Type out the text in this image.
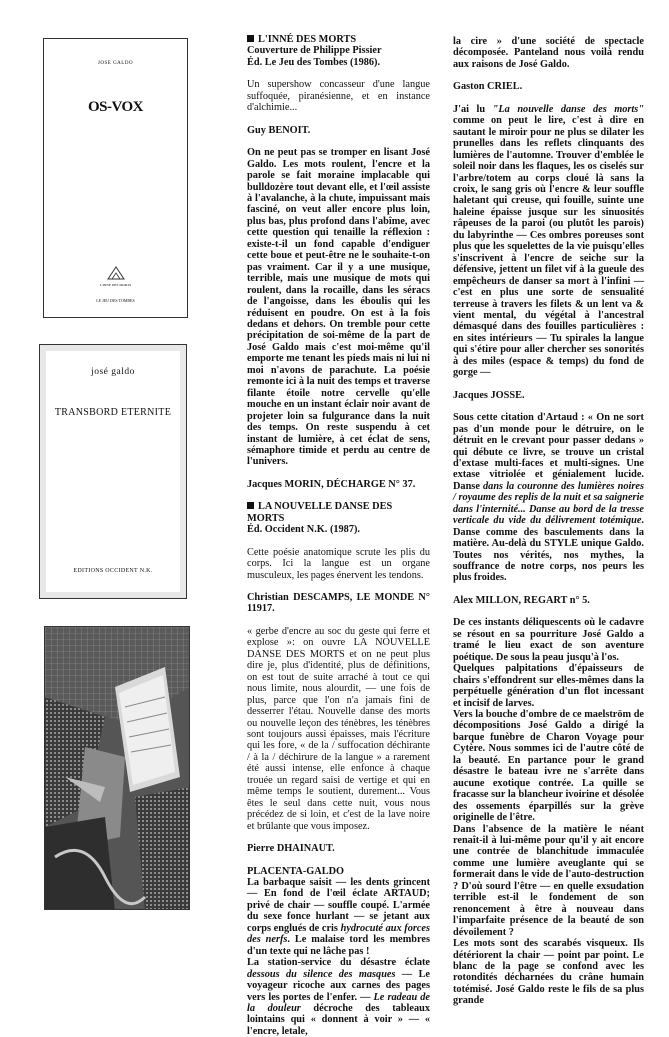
JOSE GALDO
OS-VOX
L'INNÉ DES MORTS
LE JEU DES TOMBES
josé galdo
TRANSBORD ETERNITE
EDITIONS OCCIDENT N.K.
L'INNÉ DES MORTS
Couverture de Philippe Pissier
Éd. Le Jeu des Tombes (1986).

Un supershow concasseur d'une langue suffoquée, piranésienne, et en instance d'alchimie...

Guy BENOIT.

On ne peut pas se tromper en lisant José Galdo. Les mots roulent, l'encre et la parole se fait moraine implacable qui bulldozère tout devant elle, et l'œil assiste à l'avalanche, à la chute, impuissant mais fasciné, on veut aller encore plus loin, plus bas, plus profond dans l'abîme, avec cette question qui tenaille la réflexion : existe-t-il un fond capable d'endiguer cette boue et peut-être ne le souhaite-t-on pas vraiment. Car il y a une musique, terrible, mais une musique de mots qui roulent, dans la rocaille, dans les séracs de l'angoisse, dans les éboulis qui les réduisent en poudre. On est à la fois dedans et dehors. On tremble pour cette précipitation de soi-même de la part de José Galdo mais c'est moi-même qu'il emporte me tenant les pieds mais ni lui ni moi n'avons de parachute. La poésie remonte ici à la nuit des temps et traverse filante étoile notre cervelle qu'elle mouche en un instant éclair noir avant de projeter loin sa fulgurance dans la nuit des temps. On reste suspendu à cet instant de lumière, à cet éclat de sens, sémaphore timide et perdu au centre de l'univers.

Jacques MORIN, DÉCHARGE N° 37.

LA NOUVELLE DANSE DES MORTS
Éd. Occident N.K. (1987).

Cette poésie anatomique scrute les plis du corps. Ici la langue est un organe musculeux, les pages énervent les tendons.

Christian DESCAMPS, LE MONDE N° 11917.

« gerbe d'encre au soc du geste qui ferre et explose »: on ouvre LA NOUVELLE DANSE DES MORTS et on ne peut plus dire je, plus d'identité, plus de définitions, on est tout de suite arraché à tout ce qui nous limite, nous alourdit, — une fois de plus, parce que l'on n'a jamais fini de desserrer l'étau. Nouvelle danse des morts ou nouvelle leçon des ténèbres, les ténèbres sont toujours aussi épaisses, mais l'écriture qui les fore, « de la / suffocation déchirante / à la / déchirure de la langue » a rarement été aussi intense, elle enfonce à chaque trouée un regard saisi de vertige et qui en même temps le soutient, durement... Vous êtes le seul dans cette nuit, vous nous précédez de si loin, et c'est de la lave noire et brûlante que vous imposez.

Pierre DHAINAUT.

PLACENTA-GALDO

La barbaque saisit — les dents grincent — En fond de l'œil éclate ARTAUD; privé de chair — souffle coupé. L'armée du sexe fonce hurlant — se jetant aux corps englués de cris hydrocuté aux forces des nerfs. Le malaise tord les membres d'un texte qui ne lâche pas !

La station-service du désastre éclate dessous du silence des masques — Le voyageur ricoche aux carnes des pages vers les portes de l'enfer. — Le radeau de la douleur décroche des tableaux lointains qui « donnent à voir » — « l'encre, letale,

la cire » d'une société de spectacle décomposée. Panteland nous voilà rendu aux raisons de José Galdo.

Gaston CRIEL.

J'ai lu "La nouvelle danse des morts" comme on peut le lire, c'est à dire en sautant le miroir pour ne plus se dilater les prunelles dans les reflets clinquants des lumières de l'automne. Trouver d'emblée le soleil noir dans les flaques, les os ciselés sur l'arbre/totem au corps cloué là sans la croix, le sang gris où l'encre & leur souffle haletant qui creuse, qui fouille, suinte une haleine épaisse jusque sur les sinuosités râpeuses de la paroi (ou plutôt les parois) du labyrinthe — Ces ombres poreuses sont plus que les squelettes de la vie puisqu'elles s'inscrivent à l'encre de seiche sur la défensive, jettent un filet vif à la gueule des empêcheurs de danser sa mort à l'infini — c'est en plus une sorte de sensualité terreuse à travers les filets & un lent va & vient mental, du végétal à l'ancestral démasqué dans des fouilles particulières : en sites intérieurs — Tu spirales la langue qui s'étire pour aller chercher ses sonorités à des miles (espace & temps) du fond de gorge —

Jacques JOSSE.

Sous cette citation d'Artaud : « On ne sort pas d'un monde pour le détruire, on le détruit en le crevant pour passer dedans » qui débute ce livre, se trouve un cristal d'extase multi-faces et multi-signes. Une extase vitriolée et génialement lucide. Danse dans la couronne des lumières noires / royaume des replis de la nuit et sa saignerie dans l'internité... Danse au bord de la tresse verticale du vide du délivrement totémique. Danse comme des basculements dans la matière. Au-delà du STYLE unique Galdo. Toutes nos vérités, nos mythes, la souffrance de notre corps, nos peurs les plus froides.

Alex MILLON, REGART n° 5.

De ces instants déliquescents où le cadavre se résout en sa pourriture José Galdo a tramé le lieu exact de son aventure poétique. De sous la peau jusqu'à l'os.

Quelques palpitations d'épaisseurs de chairs s'effondrent sur elles-mêmes dans la perpétuelle génération d'un flot incessant et incisif de larves.

Vers la bouche d'ombre de ce maelström de décompositions José Galdo a dirigé la barque funèbre de Charon Voyage pour Cytère. Nous sommes ici de l'autre côté de la beauté. En partance pour le grand désastre le bateau ivre ne s'arrête dans aucune exotique contrée. La quille se fracasse sur la blancheur ivoirine et désolée des ossements éparpillés sur la grève originelle de l'être.

Dans l'absence de la matière le néant renaît-il à lui-même pour qu'il y ait encore une contrée de blanchitude immaculée comme une lumière aveuglante qui se formerait dans le vide de l'auto-destruction ? D'où sourd l'être — en quelle exsudation terrible est-il le fondement de son renoncement à être à nouveau dans l'imparfaite présence de la beauté de son dévoilement ?

Les mots sont des scarabés visqueux. Ils détériorent la chair — point par point. Le blanc de la page se confond avec les rotondités décharnées du crâne humain totémisé. José Galdo reste le fils de sa plus grande
